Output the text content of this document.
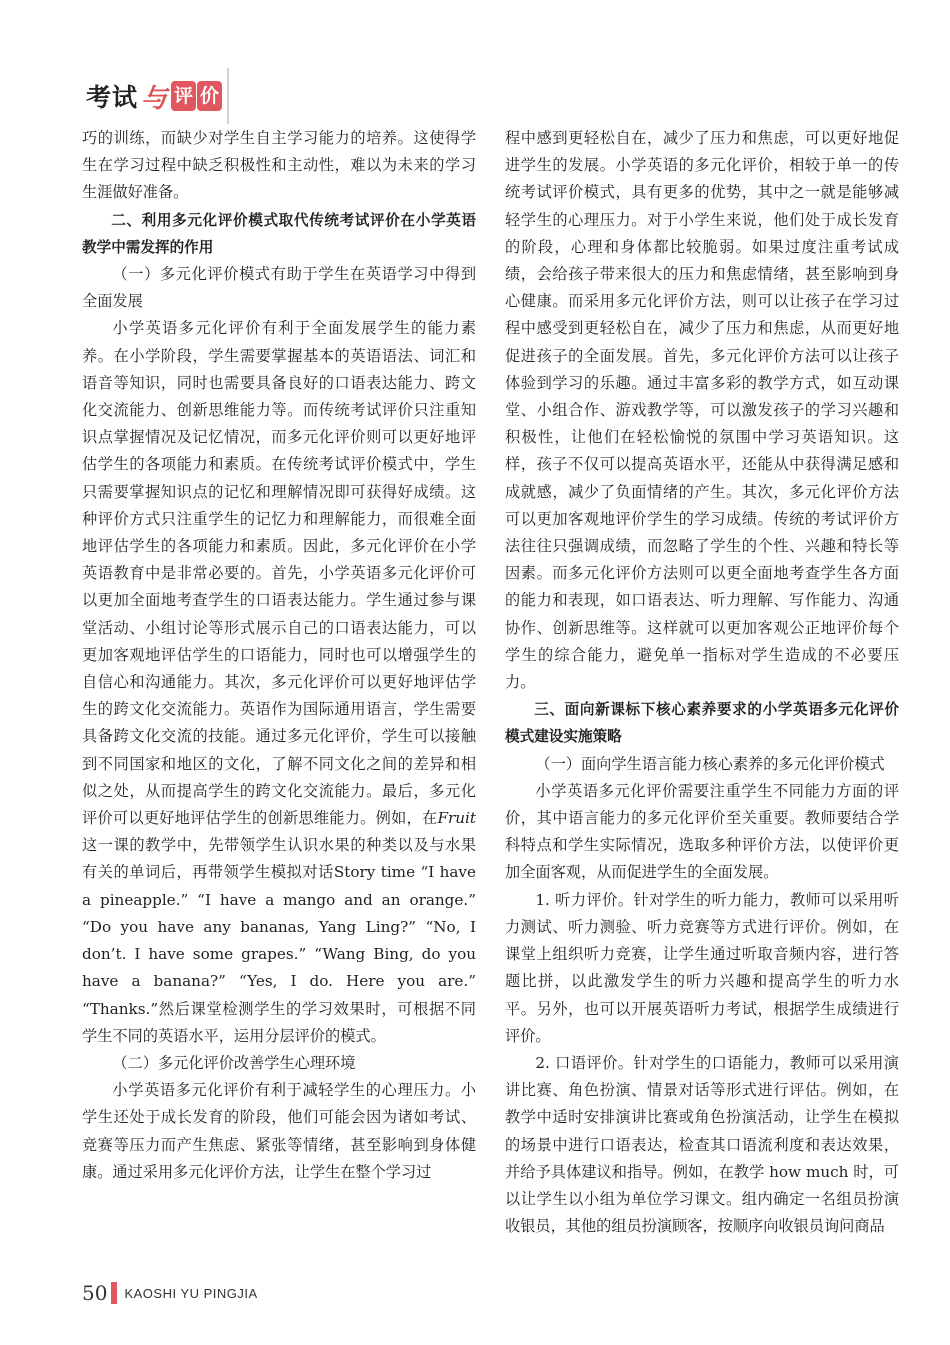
考试 与 评 价

巧的训练，而缺少对学生自主学习能力的培养。这使得学生在学习过程中缺乏积极性和主动性，难以为未来的学习生涯做好准备。

二、利用多元化评价模式取代传统考试评价在小学英语教学中需发挥的作用

（一）多元化评价模式有助于学生在英语学习中得到全面发展

小学英语多元化评价有利于全面发展学生的能力素养。在小学阶段，学生需要掌握基本的英语语法、词汇和语音等知识，同时也需要具备良好的口语表达能力、跨文化交流能力、创新思维能力等。而传统考试评价只注重知识点掌握情况及记忆情况，而多元化评价则可以更好地评估学生的各项能力和素质。在传统考试评价模式中，学生只需要掌握知识点的记忆和理解情况即可获得好成绩。这种评价方式只注重学生的记忆力和理解能力，而很难全面地评估学生的各项能力和素质。因此，多元化评价在小学英语教育中是非常必要的。首先，小学英语多元化评价可以更加全面地考查学生的口语表达能力。学生通过参与课堂活动、小组讨论等形式展示自己的口语表达能力，可以更加客观地评估学生的口语能力，同时也可以增强学生的自信心和沟通能力。其次，多元化评价可以更好地评估学生的跨文化交流能力。英语作为国际通用语言，学生需要具备跨文化交流的技能。通过多元化评价，学生可以接触到不同国家和地区的文化，了解不同文化之间的差异和相似之处，从而提高学生的跨文化交流能力。最后，多元化评价可以更好地评估学生的创新思维能力。例如，在Fruit这一课的教学中，先带领学生认识水果的种类以及与水果有关的单词后，再带领学生模拟对话Story time “I have a pineapple.” “I have a mango and an orange.” “Do you have any bananas, Yang Ling?” “No, I don’t. I have some grapes.” “Wang Bing, do you have a banana?” “Yes, I do. Here you are.” “Thanks.”然后课堂检测学生的学习效果时，可根据不同学生不同的英语水平，运用分层评价的模式。

（二）多元化评价改善学生心理环境

小学英语多元化评价有利于减轻学生的心理压力。小学生还处于成长发育的阶段，他们可能会因为诸如考试、竞赛等压力而产生焦虑、紧张等情绪，甚至影响到身体健康。通过采用多元化评价方法，让学生在整个学习过

程中感到更轻松自在，减少了压力和焦虑，可以更好地促进学生的发展。小学英语的多元化评价，相较于单一的传统考试评价模式，具有更多的优势，其中之一就是能够减轻学生的心理压力。对于小学生来说，他们处于成长发育的阶段，心理和身体都比较脆弱。如果过度注重考试成绩，会给孩子带来很大的压力和焦虑情绪，甚至影响到身心健康。而采用多元化评价方法，则可以让孩子在学习过程中感受到更轻松自在，减少了压力和焦虑，从而更好地促进孩子的全面发展。首先，多元化评价方法可以让孩子体验到学习的乐趣。通过丰富多彩的教学方式，如互动课堂、小组合作、游戏教学等，可以激发孩子的学习兴趣和积极性，让他们在轻松愉悦的氛围中学习英语知识。这样，孩子不仅可以提高英语水平，还能从中获得满足感和成就感，减少了负面情绪的产生。其次，多元化评价方法可以更加客观地评价学生的学习成绩。传统的考试评价方法往往只强调成绩，而忽略了学生的个性、兴趣和特长等因素。而多元化评价方法则可以更全面地考查学生各方面的能力和表现，如口语表达、听力理解、写作能力、沟通协作、创新思维等。这样就可以更加客观公正地评价每个学生的综合能力，避免单一指标对学生造成的不必要压力。

三、面向新课标下核心素养要求的小学英语多元化评价模式建设实施策略

（一）面向学生语言能力核心素养的多元化评价模式

小学英语多元化评价需要注重学生不同能力方面的评价，其中语言能力的多元化评价至关重要。教师要结合学科特点和学生实际情况，选取多种评价方法，以使评价更加全面客观，从而促进学生的全面发展。

1. 听力评价。针对学生的听力能力，教师可以采用听力测试、听力测验、听力竞赛等方式进行评价。例如，在课堂上组织听力竞赛，让学生通过听取音频内容，进行答题比拼，以此激发学生的听力兴趣和提高学生的听力水平。另外，也可以开展英语听力考试，根据学生成绩进行评价。

2. 口语评价。针对学生的口语能力，教师可以采用演讲比赛、角色扮演、情景对话等形式进行评估。例如，在教学中适时安排演讲比赛或角色扮演活动，让学生在模拟的场景中进行口语表达，检查其口语流利度和表达效果，并给予具体建议和指导。例如，在教学 how much 时，可以让学生以小组为单位学习课文。组内确定一名组员扮演收银员，其他的组员扮演顾客，按顺序向收银员询问商品

50 KAOSHI YU PINGJIA
